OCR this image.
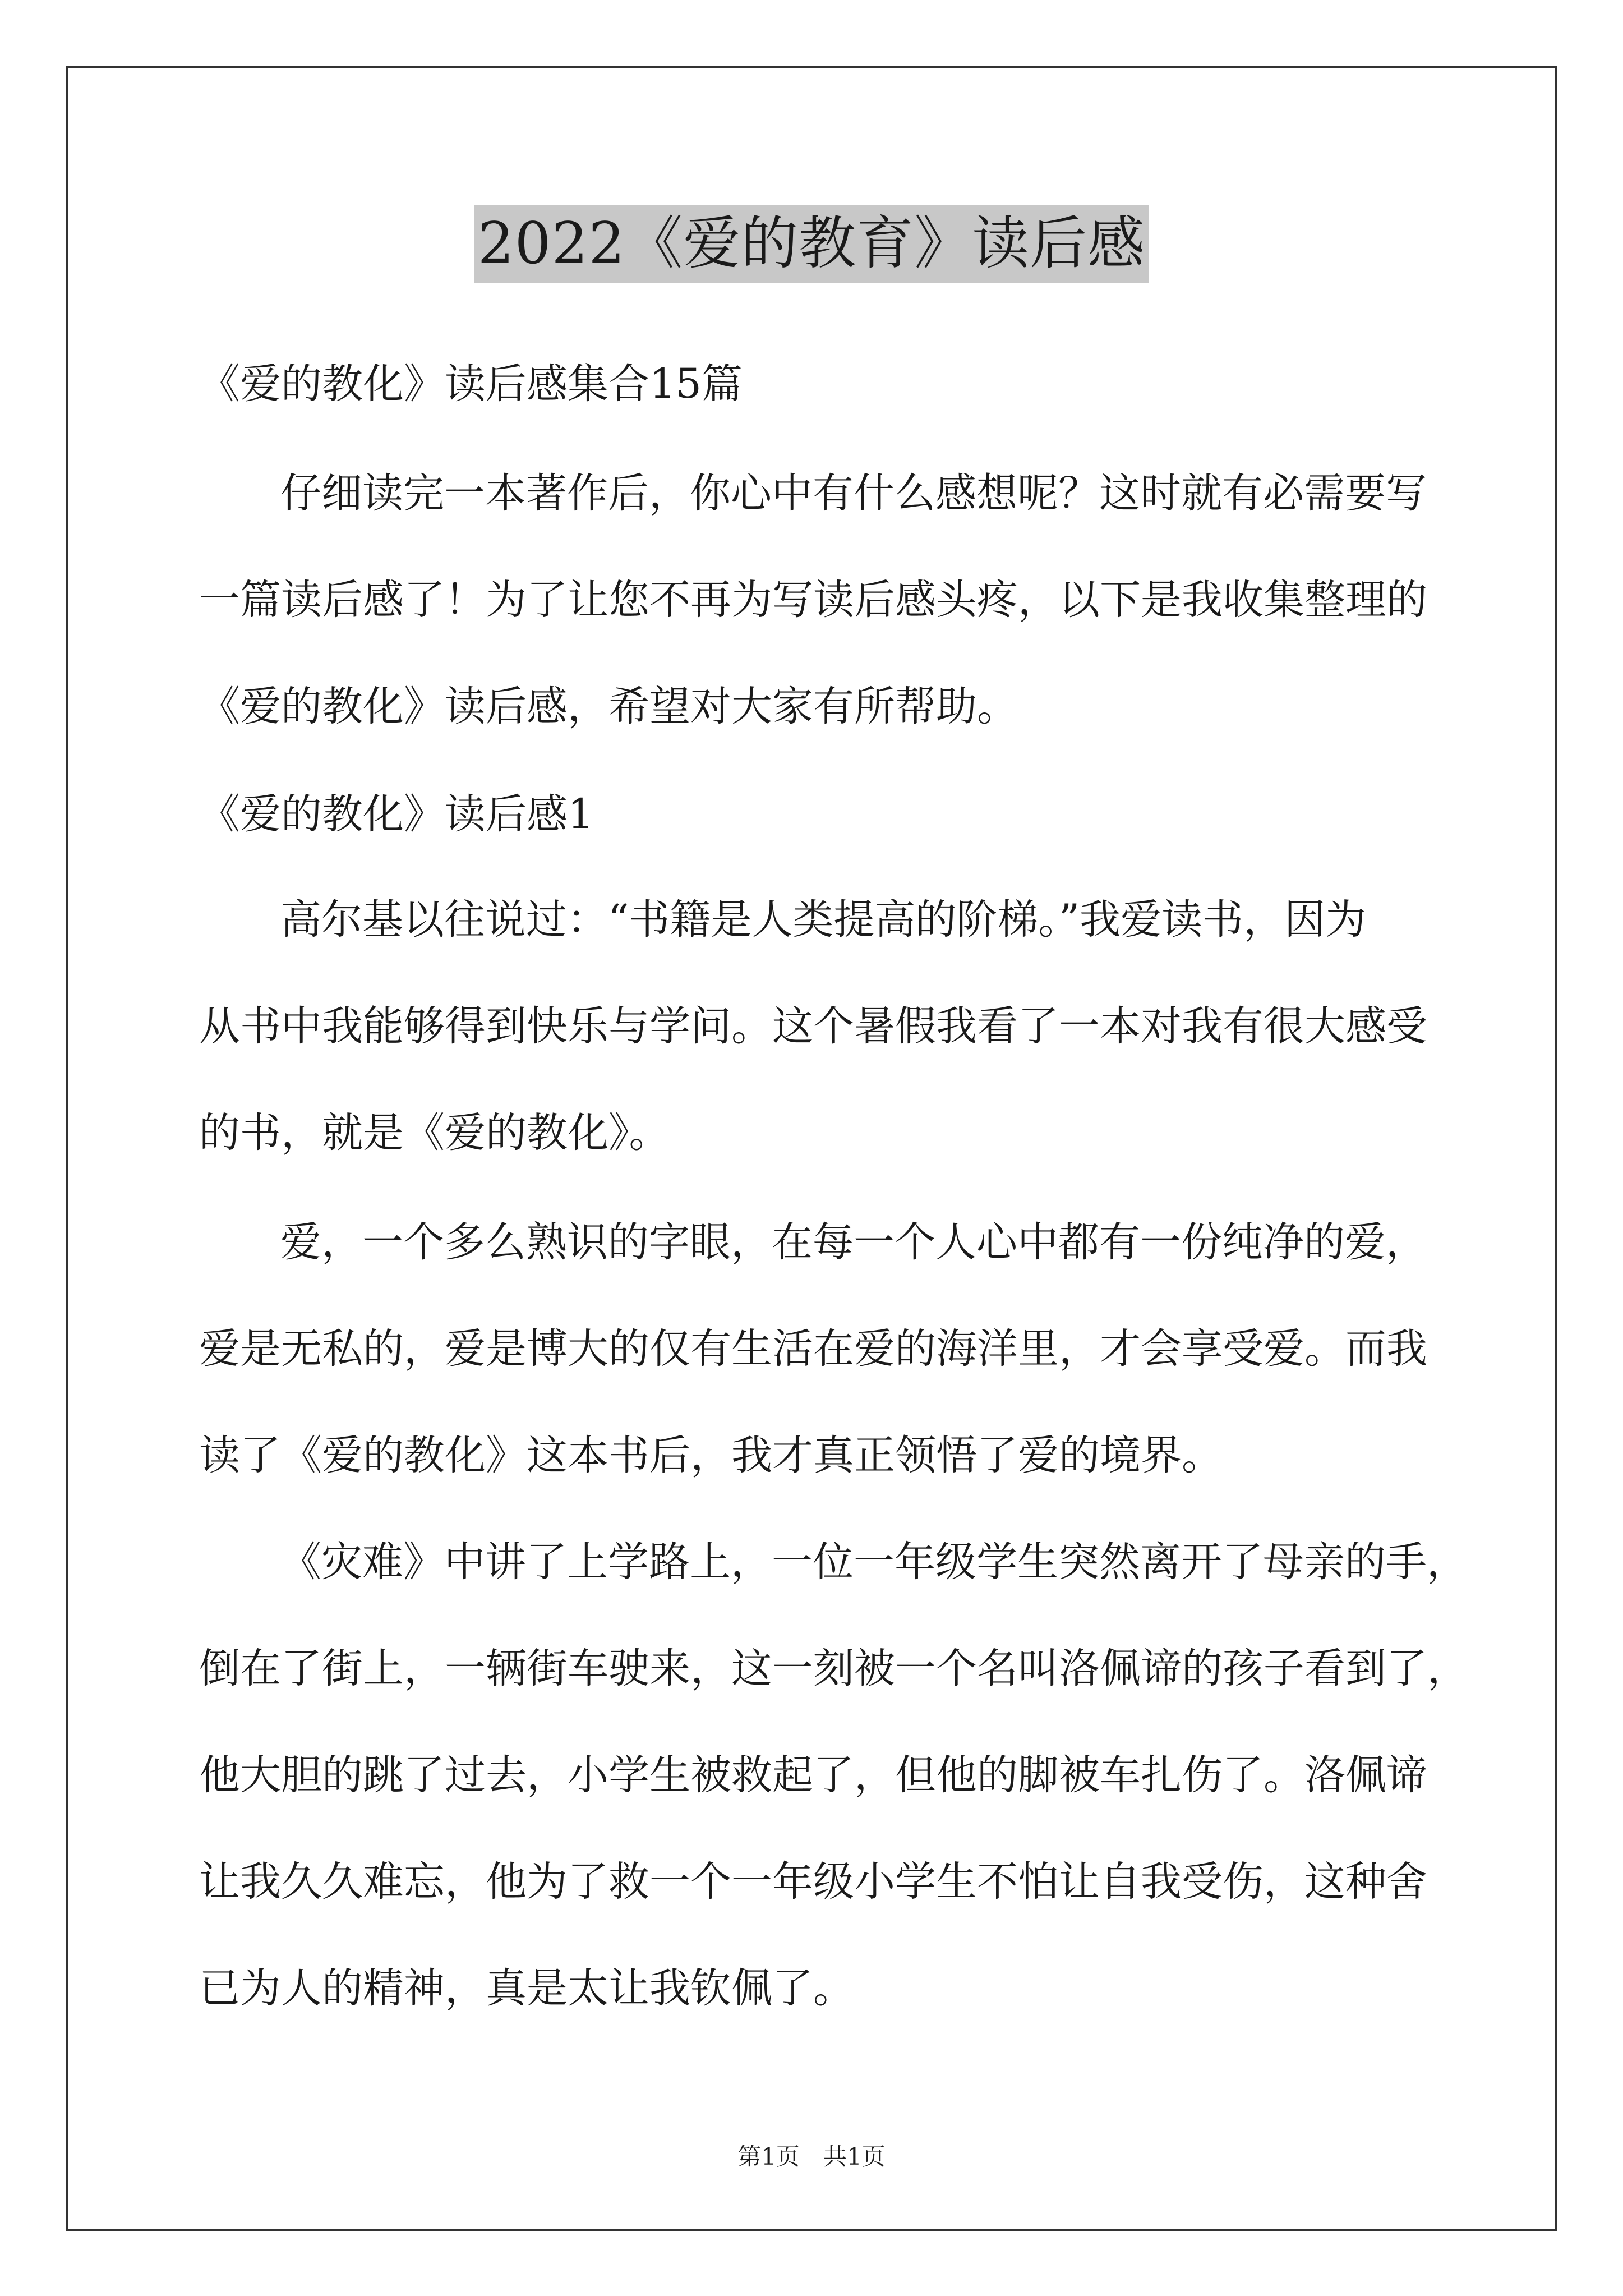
2022《爱的教育》读后感
《爱的教化》读后感集合15篇
仔细读完一本著作后，你心中有什么感想呢？这时就有必需要写
一篇读后感了！为了让您不再为写读后感头疼，以下是我收集整理的
《爱的教化》读后感，希望对大家有所帮助。
《爱的教化》读后感1
高尔基以往说过：“书籍是人类提高的阶梯。”我爱读书，因为
从书中我能够得到快乐与学问。这个暑假我看了一本对我有很大感受
的书，就是《爱的教化》。
爱，一个多么熟识的字眼，在每一个人心中都有一份纯净的爱，
爱是无私的，爱是博大的仅有生活在爱的海洋里，才会享受爱。而我
读了《爱的教化》这本书后，我才真正领悟了爱的境界。
《灾难》中讲了上学路上，一位一年级学生突然离开了母亲的手，
倒在了街上，一辆街车驶来，这一刻被一个名叫洛佩谛的孩子看到了，
他大胆的跳了过去，小学生被救起了，但他的脚被车扎伤了。洛佩谛
让我久久难忘，他为了救一个一年级小学生不怕让自我受伤，这种舍
已为人的精神，真是太让我钦佩了。
第1页　共1页
